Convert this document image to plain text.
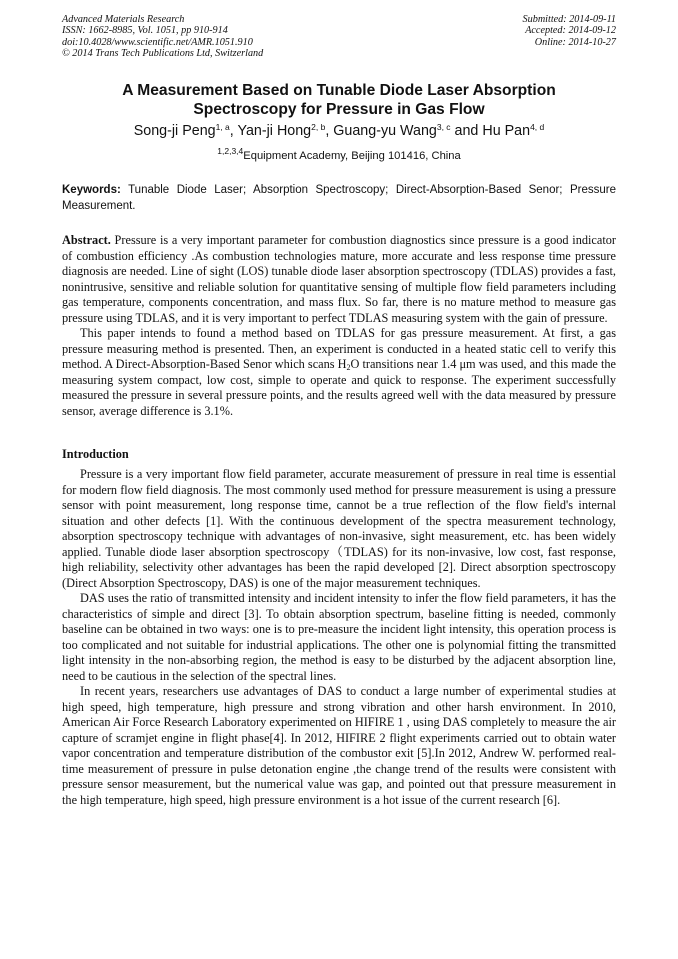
Advanced Materials Research
ISSN: 1662-8985, Vol. 1051, pp 910-914
doi:10.4028/www.scientific.net/AMR.1051.910
© 2014 Trans Tech Publications Ltd, Switzerland
Submitted: 2014-09-11
Accepted: 2014-09-12
Online: 2014-10-27
A Measurement Based on Tunable Diode Laser Absorption
Spectroscopy for Pressure in Gas Flow
Song-ji Peng$^{1, a}$, Yan-ji Hong$^{2, b}$, Guang-yu Wang$^{3, c}$ and Hu Pan$^{4, d}$
$^{1,2,3,4}$Equipment Academy, Beijing 101416, China
Keywords: Tunable Diode Laser; Absorption Spectroscopy; Direct-Absorption-Based Senor; Pressure Measurement.

Abstract. Pressure is a very important parameter for combustion diagnostics since pressure is a good indicator of combustion efficiency .As combustion technologies mature, more accurate and less response time pressure diagnosis are needed. Line of sight (LOS) tunable diode laser absorption spectroscopy (TDLAS) provides a fast, nonintrusive, sensitive and reliable solution for quantitative sensing of multiple flow field parameters including gas temperature, components concentration, and mass flux. So far, there is no mature method to measure gas pressure using TDLAS, and it is very important to perfect TDLAS measuring system with the gain of pressure.

This paper intends to found a method based on TDLAS for gas pressure measurement. At first, a gas pressure measuring method is presented. Then, an experiment is conducted in a heated static cell to verify this method. A Direct-Absorption-Based Senor which scans $H_2O$ transitions near 1.4 μm was used, and this made the measuring system compact, low cost, simple to operate and quick to response. The experiment successfully measured the pressure in several pressure points, and the results agreed well with the data measured by pressure sensor, average difference is 3.1%.

Introduction

Pressure is a very important flow field parameter, accurate measurement of pressure in real time is essential for modern flow field diagnosis. The most commonly used method for pressure measurement is using a pressure sensor with point measurement, long response time, cannot be a true reflection of the flow field's internal situation and other defects [1]. With the continuous development of the spectra measurement technology, absorption spectroscopy technique with advantages of non-invasive, sight measurement, etc. has been widely applied. Tunable diode laser absorption spectroscopy（TDLAS) for its non-invasive, low cost, fast response, high reliability, selectivity other advantages has been the rapid developed [2]. Direct absorption spectroscopy (Direct Absorption Spectroscopy, DAS) is one of the major measurement techniques.

DAS uses the ratio of transmitted intensity and incident intensity to infer the flow field parameters, it has the characteristics of simple and direct [3]. To obtain absorption spectrum, baseline fitting is needed, commonly baseline can be obtained in two ways: one is to pre-measure the incident light intensity, this operation process is too complicated and not suitable for industrial applications. The other one is polynomial fitting the transmitted light intensity in the non-absorbing region, the method is easy to be disturbed by the adjacent absorption line, need to be cautious in the selection of the spectral lines.

In recent years, researchers use advantages of DAS to conduct a large number of experimental studies at high speed, high temperature, high pressure and strong vibration and other harsh environment. In 2010, American Air Force Research Laboratory experimented on HIFIRE 1 , using DAS completely to measure the air capture of scramjet engine in flight phase[4]. In 2012, HIFIRE 2 flight experiments carried out to obtain water vapor concentration and temperature distribution of the combustor exit [5].In 2012, Andrew W. performed real-time measurement of pressure in pulse detonation engine ,the change trend of the results were consistent with pressure sensor measurement, but the numerical value was gap, and pointed out that pressure measurement in the high temperature, high speed, high pressure environment is a hot issue of the current research [6].
